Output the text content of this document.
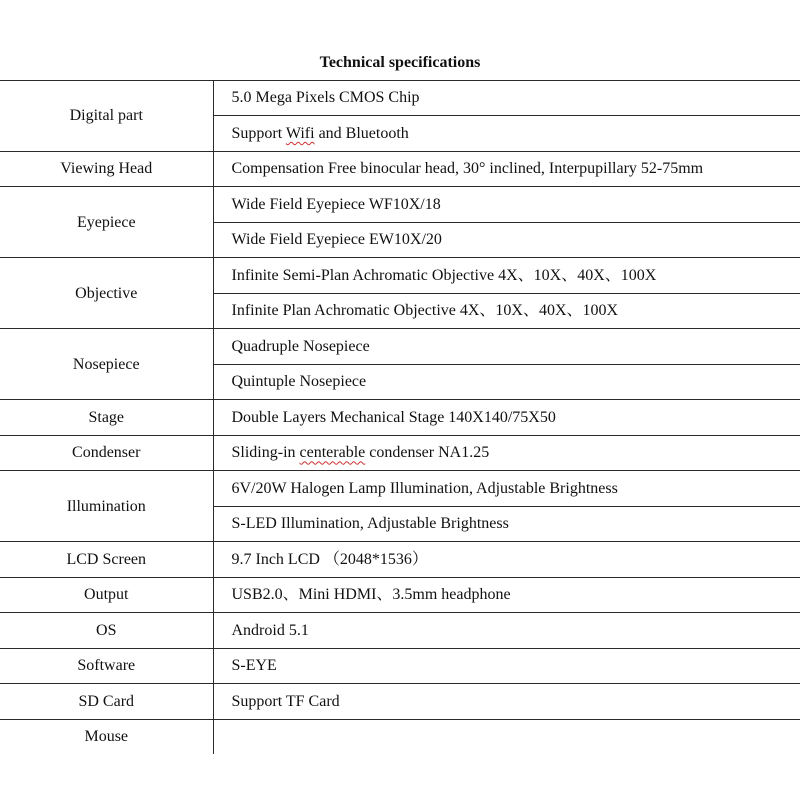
Technical specifications	
Digital part	5.0 Mega Pixels CMOS Chip
	Support Wifi and Bluetooth
Viewing Head	Compensation Free binocular head, 30° inclined, Interpupillary 52-75mm
Eyepiece	Wide Field Eyepiece WF10X/18
	Wide Field Eyepiece EW10X/20
Objective	Infinite Semi-Plan Achromatic Objective 4X、10X、40X、100X
	Infinite Plan Achromatic Objective 4X、10X、40X、100X
Nosepiece	Quadruple Nosepiece
	Quintuple Nosepiece
Stage	Double Layers Mechanical Stage 140X140/75X50
Condenser	Sliding-in centerable condenser NA1.25
Illumination	6V/20W Halogen Lamp Illumination, Adjustable Brightness
	S-LED Illumination, Adjustable Brightness
LCD Screen	9.7 Inch LCD （2048*1536）
Output	USB2.0、Mini HDMI、3.5mm headphone
OS	Android 5.1
Software	S-EYE
SD Card	Support TF Card
Mouse	
